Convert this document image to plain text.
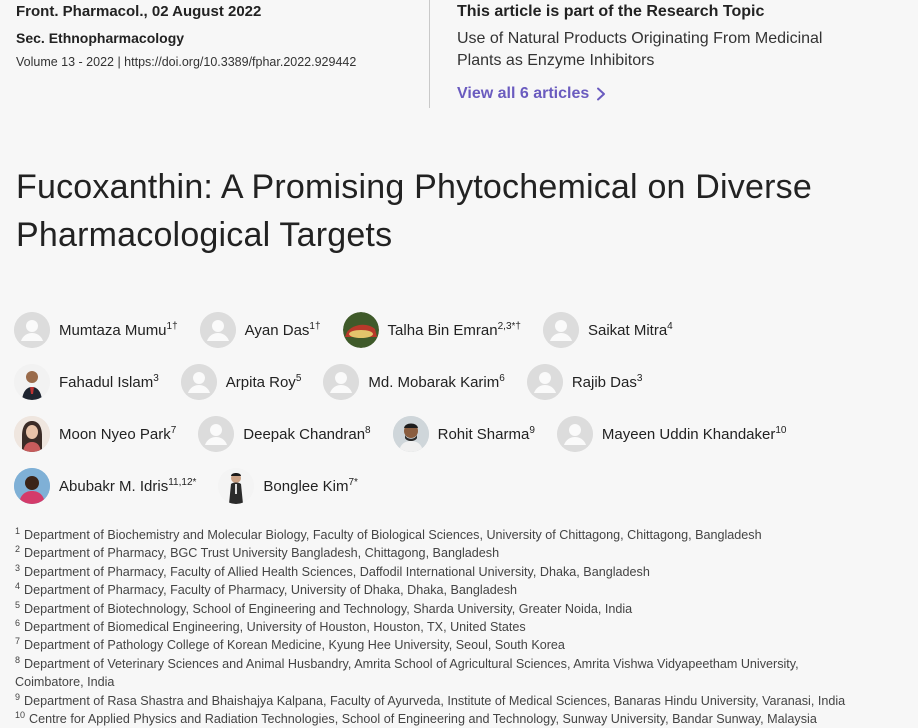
Front. Pharmacol., 02 August 2022
Sec. Ethnopharmacology
Volume 13 - 2022 | https://doi.org/10.3389/fphar.2022.929442
This article is part of the Research Topic
Use of Natural Products Originating From Medicinal
Plants as Enzyme Inhibitors
View all 6 articles
Fucoxanthin: A Promising Phytochemical on Diverse
Pharmacological Targets
Mumtaza Mumu$^{1\dagger}$	Ayan Das$^{1\dagger}$	Talha Bin Emran$^{2,3*\dagger}$	Saikat Mitra$^4$
Fahadul Islam$^3$	Arpita Roy$^5$	Md. Mobarak Karim$^6$	Rajib Das$^3$
Moon Nyeo Park$^7$	Deepak Chandran$^8$	Rohit Sharma$^9$	Mayeen Uddin Khandaker$^{10}$
Abubakr M. Idris$^{11,12*}$	Bonglee Kim$^{7*}$
$^1$ Department of Biochemistry and Molecular Biology, Faculty of Biological Sciences, University of Chittagong, Chittagong, Bangladesh
$^2$ Department of Pharmacy, BGC Trust University Bangladesh, Chittagong, Bangladesh
$^3$ Department of Pharmacy, Faculty of Allied Health Sciences, Daffodil International University, Dhaka, Bangladesh
$^4$ Department of Pharmacy, Faculty of Pharmacy, University of Dhaka, Dhaka, Bangladesh
$^5$ Department of Biotechnology, School of Engineering and Technology, Sharda University, Greater Noida, India
$^6$ Department of Biomedical Engineering, University of Houston, Houston, TX, United States
$^7$ Department of Pathology College of Korean Medicine, Kyung Hee University, Seoul, South Korea
$^8$ Department of Veterinary Sciences and Animal Husbandry, Amrita School of Agricultural Sciences, Amrita Vishwa Vidyapeetham University,
Coimbatore, India
$^9$ Department of Rasa Shastra and Bhaishajya Kalpana, Faculty of Ayurveda, Institute of Medical Sciences, Banaras Hindu University, Varanasi, India
$^{10}$ Centre for Applied Physics and Radiation Technologies, School of Engineering and Technology, Sunway University, Bandar Sunway, Malaysia
